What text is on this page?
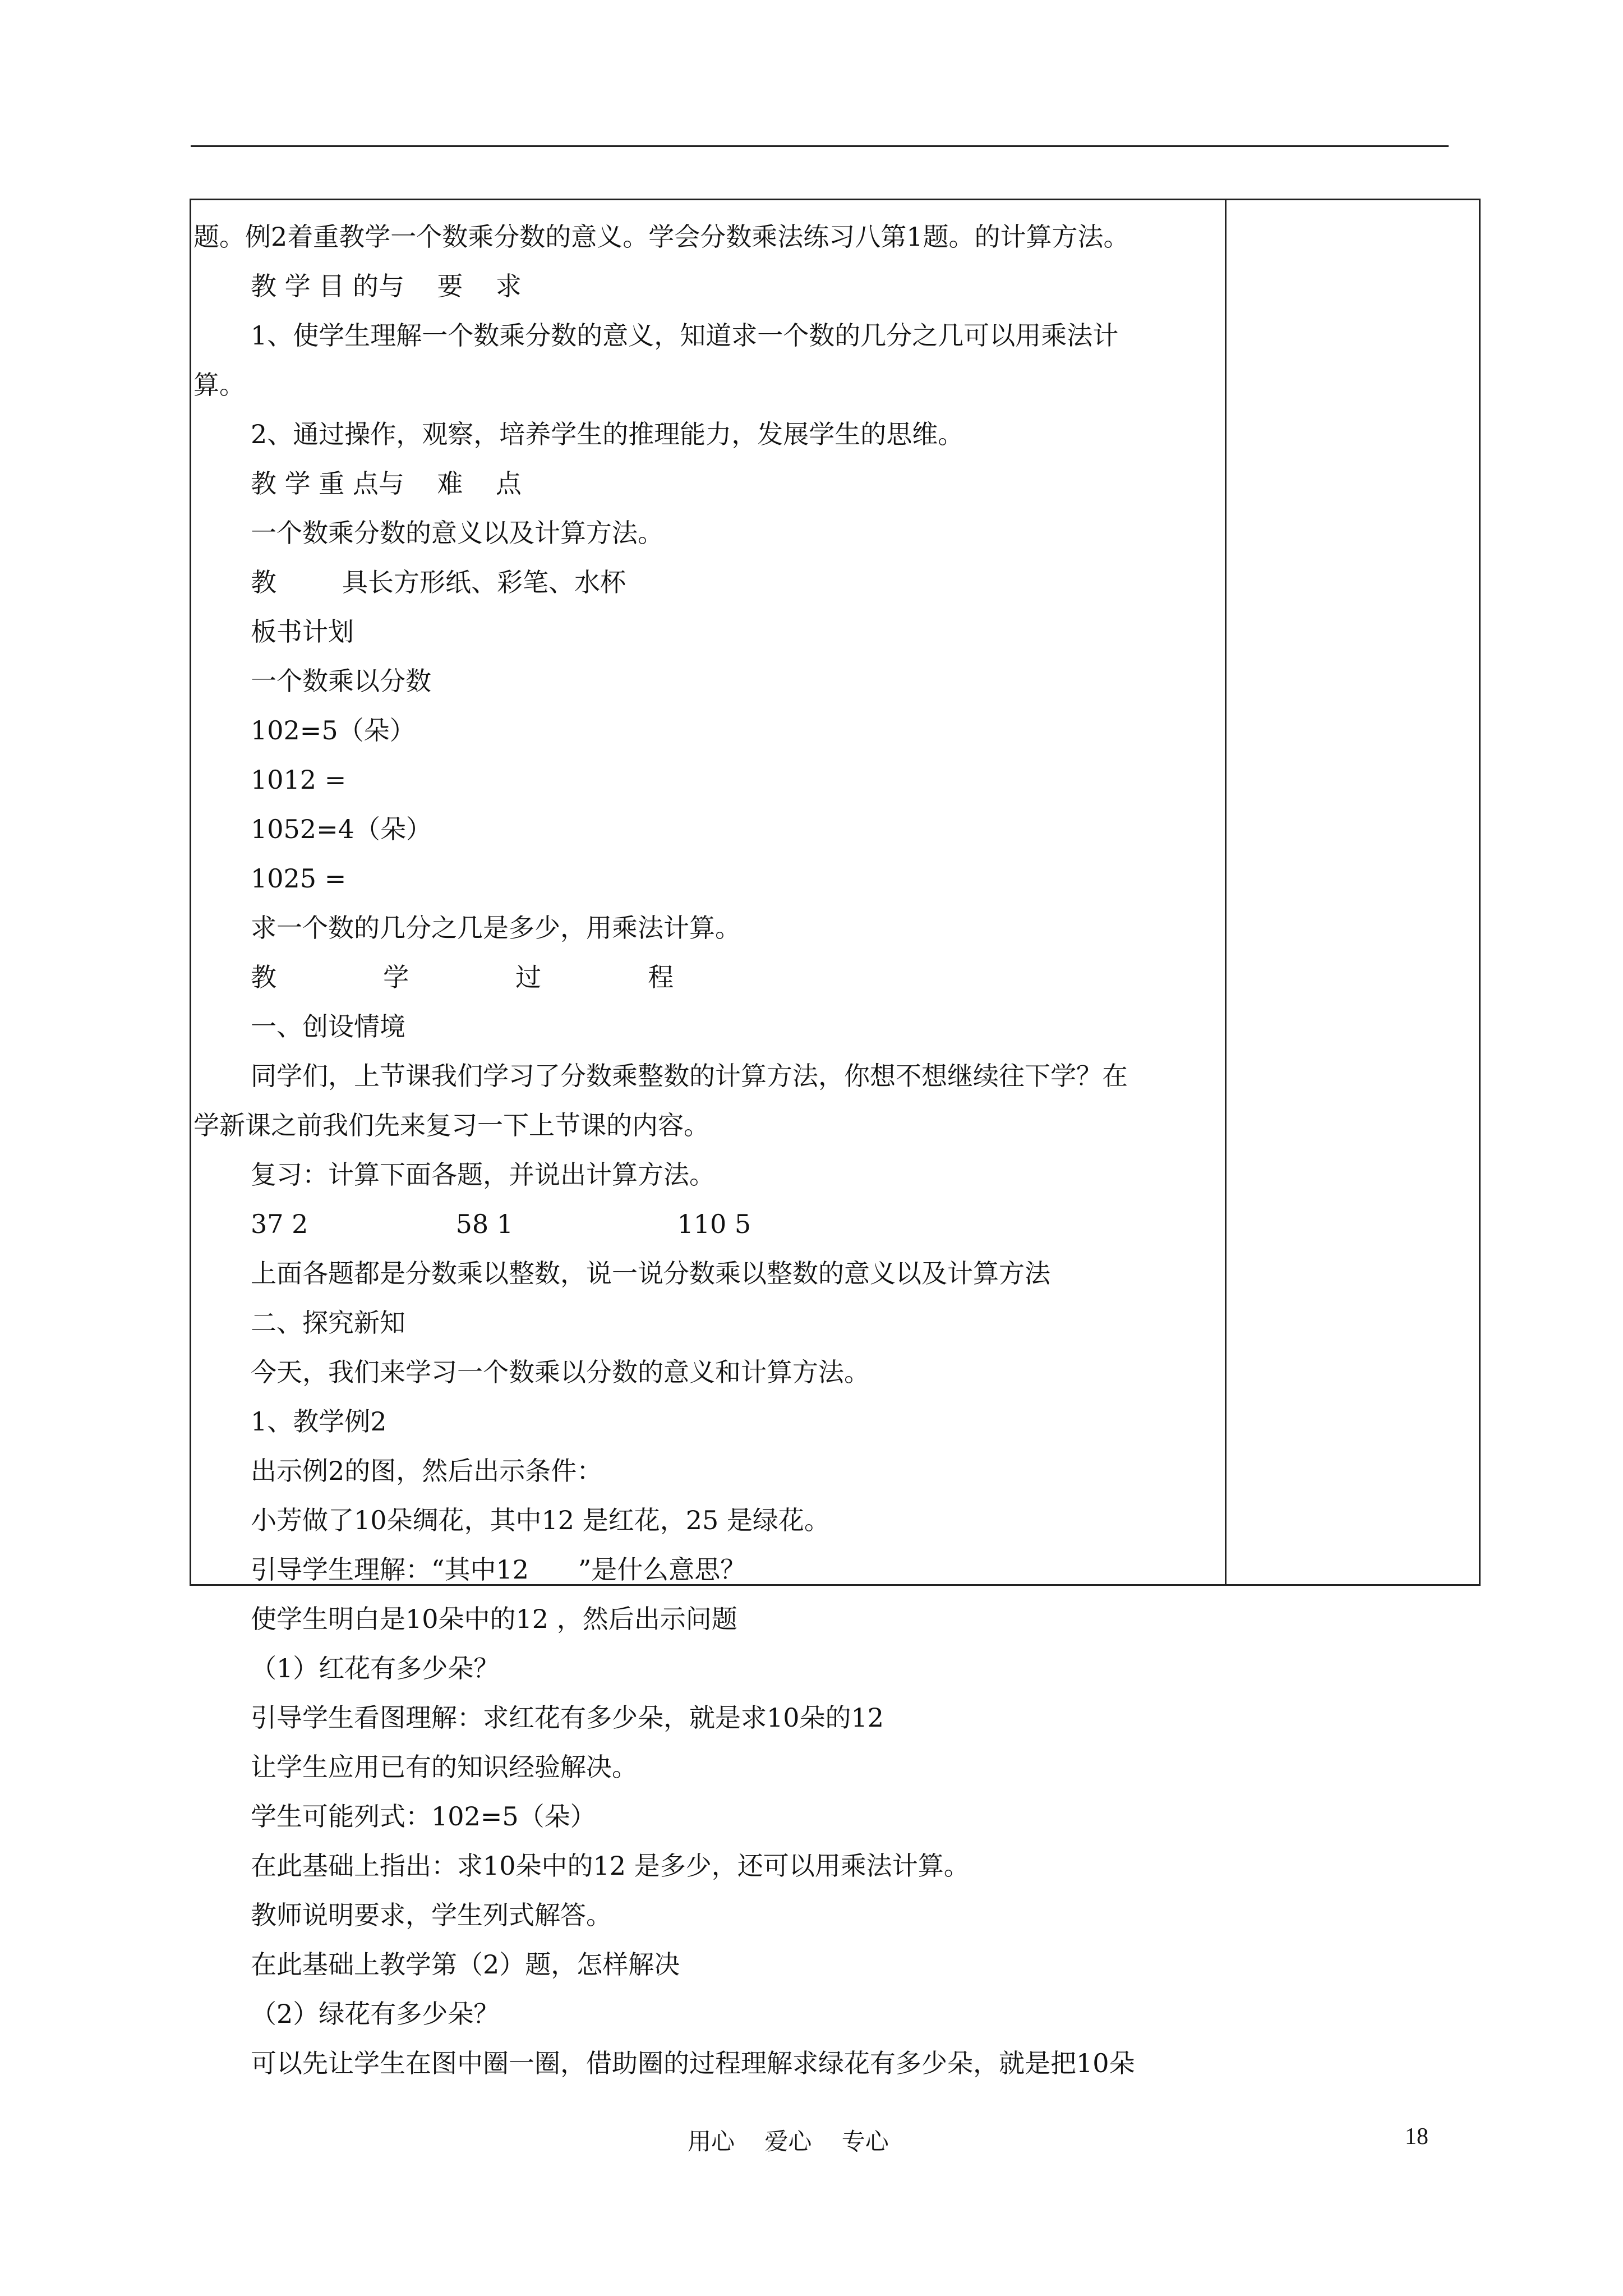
题。例2着重教学一个数乘分数的意义。学会分数乘法练习八第1题。的计算方法。
教 学 目 的与    要    求
1、使学生理解一个数乘分数的意义，知道求一个数的几分之几可以用乘法计
算。
2、通过操作，观察，培养学生的推理能力，发展学生的思维。
教 学 重 点与    难    点
一个数乘分数的意义以及计算方法。
教        具长方形纸、彩笔、水杯
板书计划
一个数乘以分数
102=5（朵）
1012 =
1052=4（朵）
1025 =
求一个数的几分之几是多少，用乘法计算。
教             学             过             程
一、创设情境
同学们，上节课我们学习了分数乘整数的计算方法，你想不想继续往下学？在
学新课之前我们先来复习一下上节课的内容。
复习：计算下面各题，并说出计算方法。
37 2                  58 1                    110 5
上面各题都是分数乘以整数，说一说分数乘以整数的意义以及计算方法
二、探究新知
今天，我们来学习一个数乘以分数的意义和计算方法。
1、教学例2
出示例2的图，然后出示条件：
小芳做了10朵绸花，其中12 是红花，25 是绿花。
引导学生理解：“其中12      ”是什么意思？
使学生明白是10朵中的12 ，然后出示问题
（1）红花有多少朵？
引导学生看图理解：求红花有多少朵，就是求10朵的12
让学生应用已有的知识经验解决。
学生可能列式：102=5（朵）
在此基础上指出：求10朵中的12 是多少，还可以用乘法计算。
教师说明要求，学生列式解答。
在此基础上教学第（2）题，怎样解决
（2）绿花有多少朵？
可以先让学生在图中圈一圈，借助圈的过程理解求绿花有多少朵，就是把10朵
用心    爱心    专心	18
